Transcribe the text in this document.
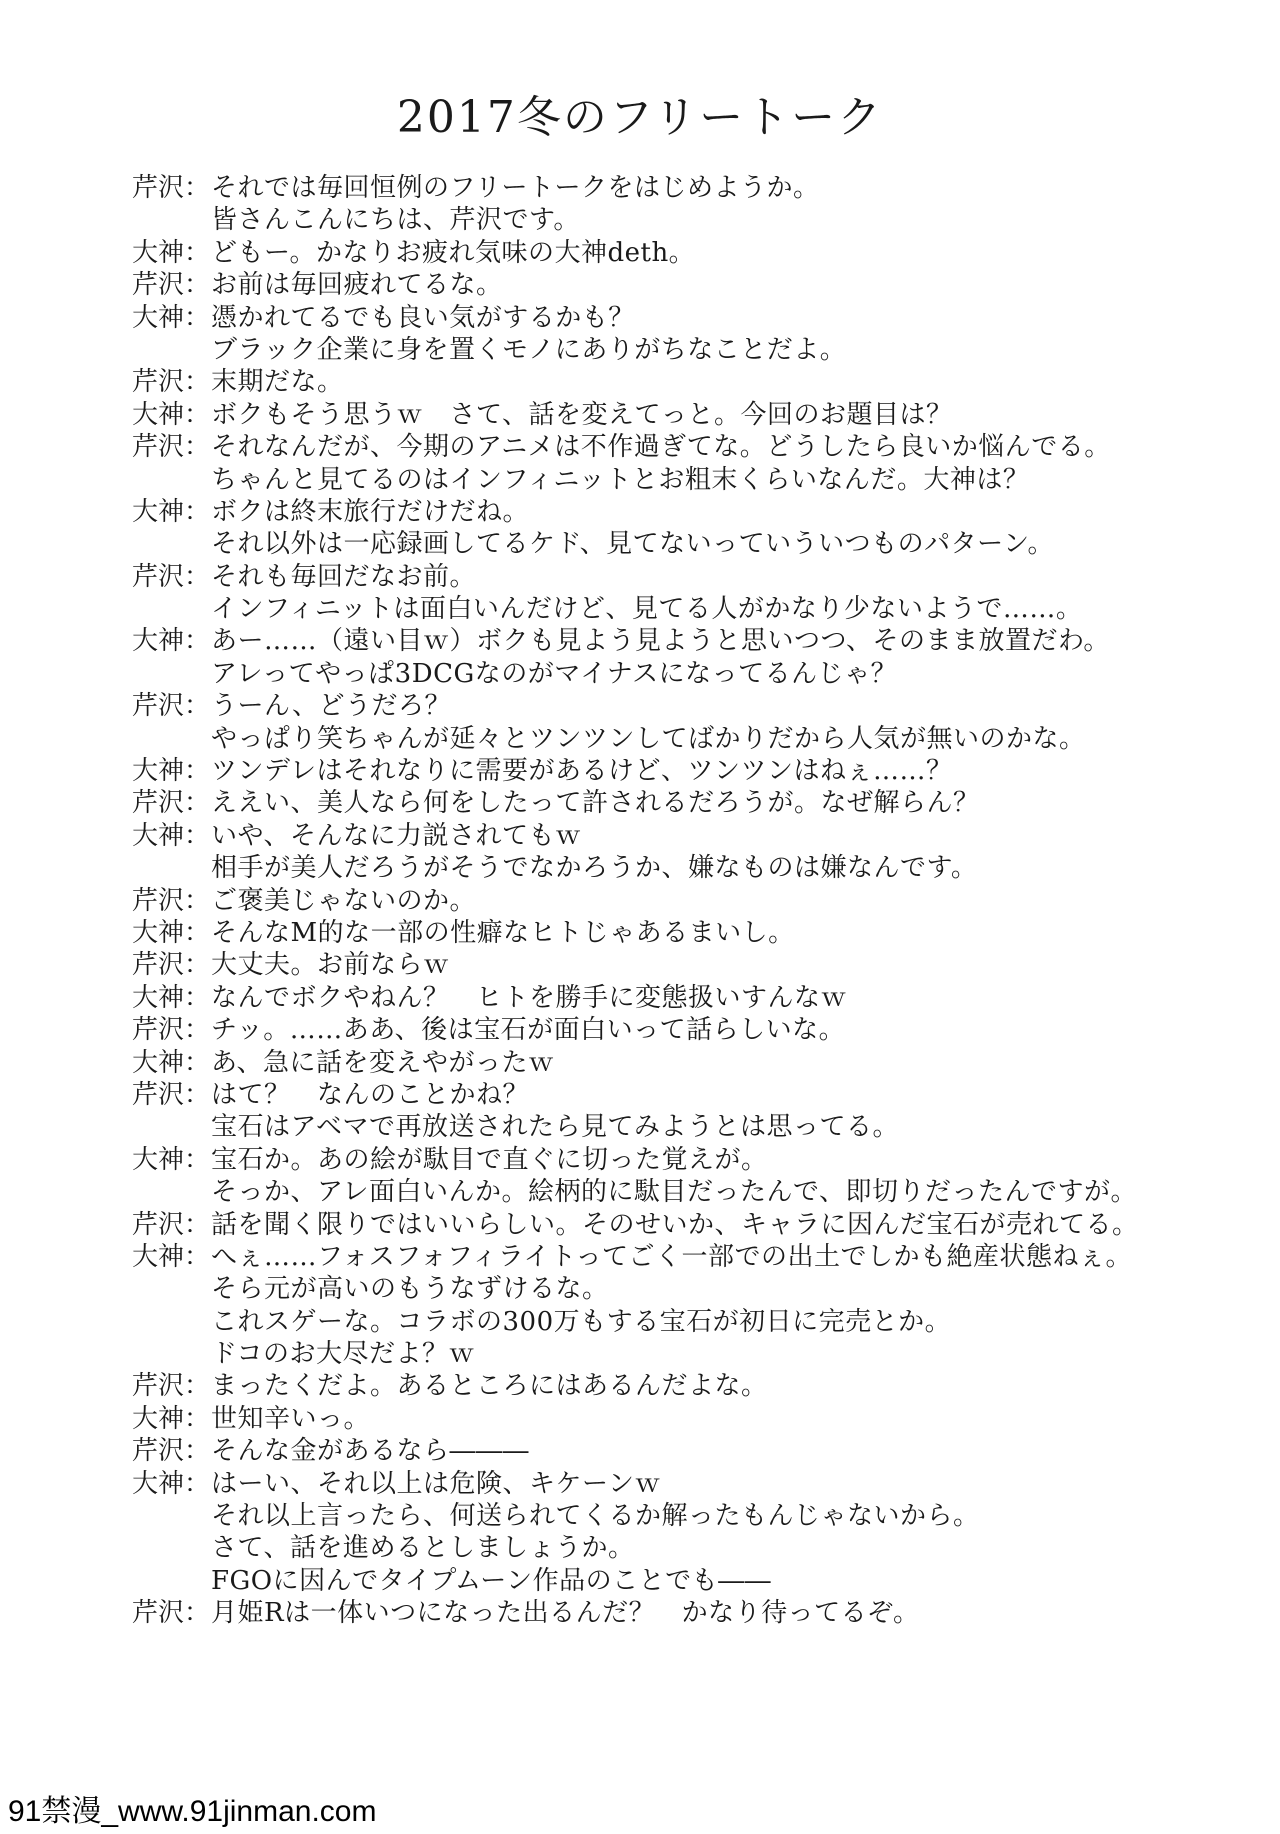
2017冬のフリートーク
芹沢： それでは毎回恒例のフリートークをはじめようか。
皆さんこんにちは、芹沢です。
大神： どもー。かなりお疲れ気味の大神deth。
芹沢： お前は毎回疲れてるな。
大神： 憑かれてるでも良い気がするかも？
ブラック企業に身を置くモノにありがちなことだよ。
芹沢： 末期だな。
大神： ボクもそう思うｗ　さて、話を変えてっと。今回のお題目は？
芹沢： それなんだが、今期のアニメは不作過ぎてな。どうしたら良いか悩んでる。
ちゃんと見てるのはインフィニットとお粗末くらいなんだ。大神は？
大神： ボクは終末旅行だけだね。
それ以外は一応録画してるケド、見てないっていういつものパターン。
芹沢： それも毎回だなお前。
インフィニットは面白いんだけど、見てる人がかなり少ないようで……。
大神： あー……（遠い目ｗ）ボクも見よう見ようと思いつつ、そのまま放置だわ。
アレってやっぱ3DCGなのがマイナスになってるんじゃ？
芹沢： うーん、どうだろ？
やっぱり笑ちゃんが延々とツンツンしてばかりだから人気が無いのかな。
大神： ツンデレはそれなりに需要があるけど、ツンツンはねぇ……？
芹沢： ええい、美人なら何をしたって許されるだろうが。なぜ解らん？
大神： いや、そんなに力説されてもｗ
相手が美人だろうがそうでなかろうか、嫌なものは嫌なんです。
芹沢： ご褒美じゃないのか。
大神： そんなM的な一部の性癖なヒトじゃあるまいし。
芹沢： 大丈夫。お前ならｗ
大神： なんでボクやねん？　ヒトを勝手に変態扱いすんなｗ
芹沢： チッ。……ああ、後は宝石が面白いって話らしいな。
大神： あ、急に話を変えやがったｗ
芹沢： はて？　なんのことかね？
宝石はアベマで再放送されたら見てみようとは思ってる。
大神： 宝石か。あの絵が駄目で直ぐに切った覚えが。
そっか、アレ面白いんか。絵柄的に駄目だったんで、即切りだったんですが。
芹沢： 話を聞く限りではいいらしい。そのせいか、キャラに因んだ宝石が売れてる。
大神： へぇ……フォスフォフィライトってごく一部での出土でしかも絶産状態ねぇ。
そら元が高いのもうなずけるな。
これスゲーな。コラボの300万もする宝石が初日に完売とか。
ドコのお大尽だよ？ｗ
芹沢： まったくだよ。あるところにはあるんだよな。
大神： 世知辛いっ。
芹沢： そんな金があるなら―――
大神： はーい、それ以上は危険、キケーンｗ
それ以上言ったら、何送られてくるか解ったもんじゃないから。
さて、話を進めるとしましょうか。
FGOに因んでタイプムーン作品のことでも――
芹沢： 月姫Rは一体いつになった出るんだ？　かなり待ってるぞ。
91禁漫_www.91jinman.com
